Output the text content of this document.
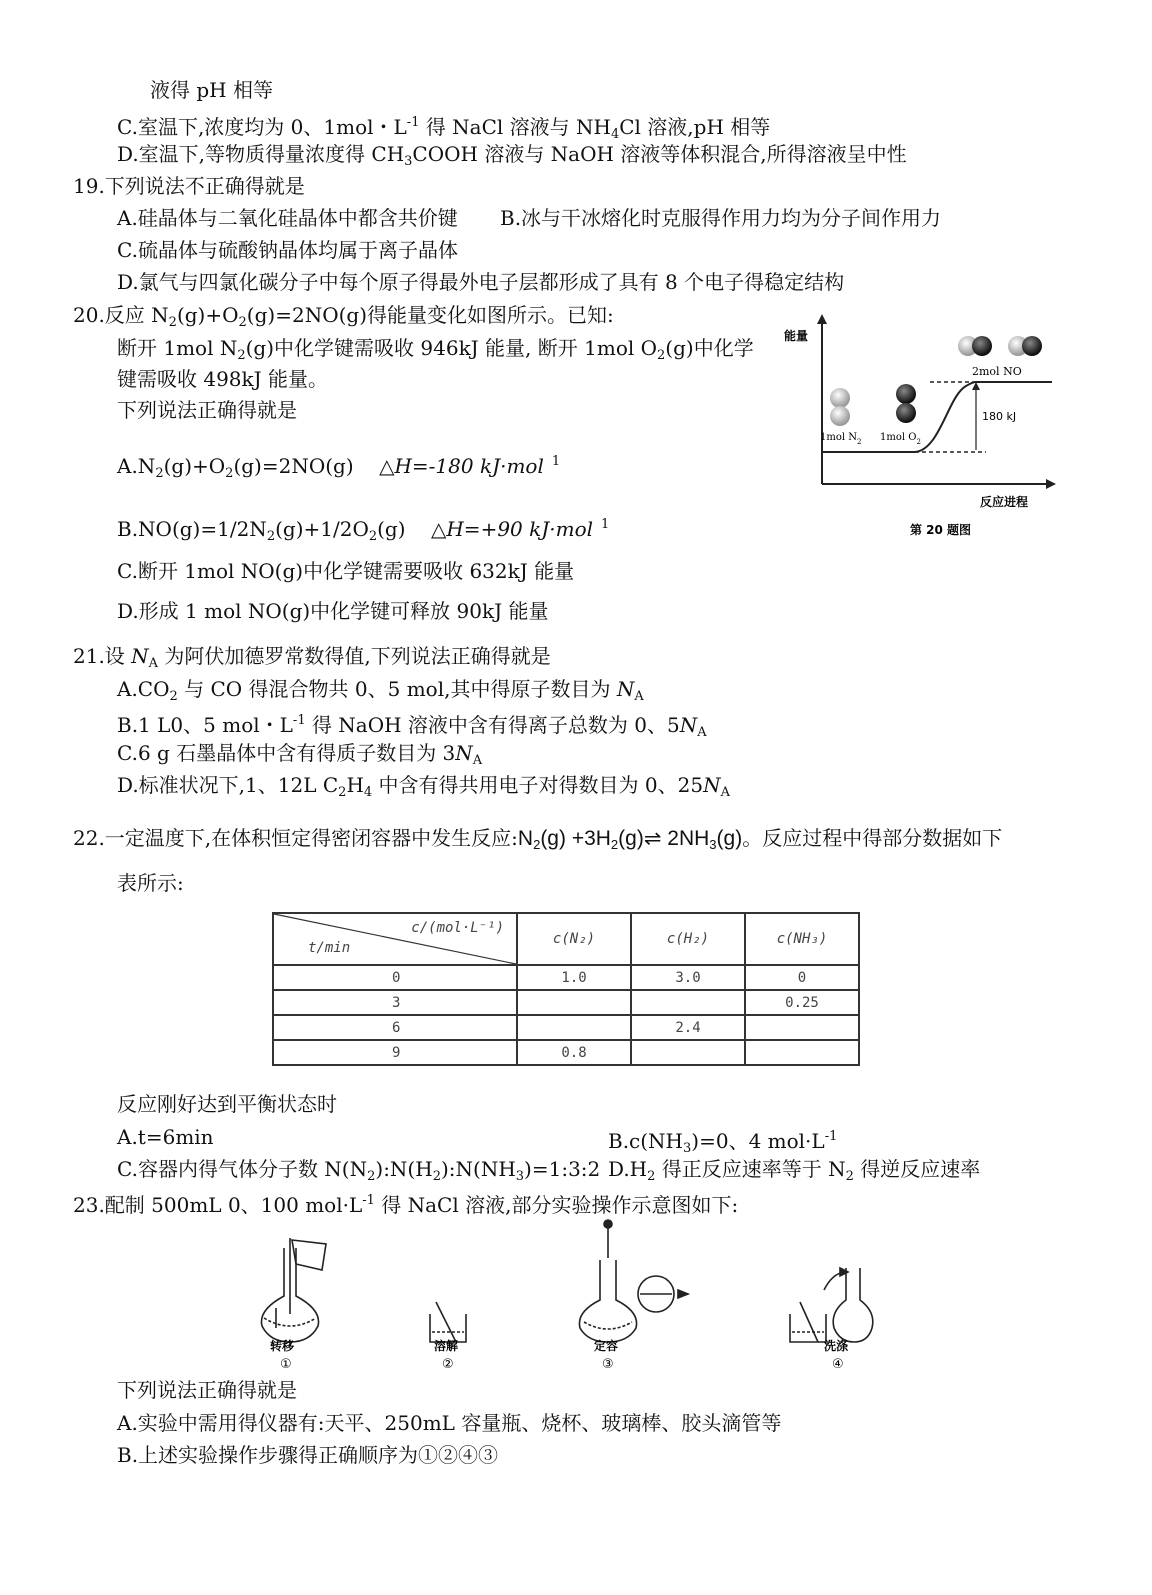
液得 pH 相等
C.室温下,浓度均为 0、1mol・$L^{-1}$ 得 NaCl 溶液与 $NH_4Cl$ 溶液,pH 相等
D.室温下,等物质得量浓度得 $CH_3COOH$ 溶液与 NaOH 溶液等体积混合,所得溶液呈中性
19.下列说法不正确得就是
A.硅晶体与二氧化硅晶体中都含共价键 B.冰与干冰熔化时克服得作用力均为分子间作用力
C.硫晶体与硫酸钠晶体均属于离子晶体
D.氯气与四氯化碳分子中每个原子得最外电子层都形成了具有 8 个电子得稳定结构
20.反应 $N_2(g)+O_2(g)=2NO(g)$得能量变化如图所示。已知:
断开 1mol $N_2(g)$中化学键需吸收 946kJ 能量, 断开 1mol $O_2(g)$中化学
键需吸收 498kJ 能量。
下列说法正确得就是
$A.N_2(g)+O_2(g)=2NO(g)$ △H=-180 kJ·mol $^1$
$B.NO(g)=1/2N_2(g)+1/2O_2(g)$ △H=+90 kJ·mol $^1$
C.断开 1mol NO(g)中化学键需要吸收 632kJ 能量
D.形成 1 mol NO(g)中化学键可释放 90kJ 能量
能量
反应进程
180 kJ
1mol $N_2$ 1mol $O_2$
2mol NO
第 20 题图
21.设 $N_A$ 为阿伏加德罗常数得值,下列说法正确得就是
$A.CO_2$ 与 CO 得混合物共 0、5 mol,其中得原子数目为 $N_A$
B.1 L0、5 mol・$L^{-1}$ 得 NaOH 溶液中含有得离子总数为 0、$5N_A$
C.6 g 石墨晶体中含有得质子数目为 $3N_A$
D.标准状况下,1、12L $C_2H_4$ 中含有得共用电子对得数目为 0、$25N_A$
22.一定温度下,在体积恒定得密闭容器中发生反应$:N_2(g)$ $+3H_2(g)\rightleftharpoons$ $2NH_3(g)$。反应过程中得部分数据如下
表所示:
c/(mol·L⁻¹)
t/min	c(N₂)	c(H₂)	c(NH₃)

0	1.0	3.0	0

3			0.25

6		2.4	

9	0.8		
反应刚好达到平衡状态时
A.t=6min	$B.c(NH_3)=0$、4 $mol\cdot L^{-1}$
C.容器内得气体分子数 $N(N_2):N(H_2):N(NH_3)=1:3:2$ $D.H_2$ 得正反应速率等于 $N_2$ 得逆反应速率
23.配制 500mL 0、100 $mol\cdot L^{-1}$ 得 NaCl 溶液,部分实验操作示意图如下:
转移
①
溶解
②
定容
③
洗涤
④
下列说法正确得就是
A.实验中需用得仪器有:天平、250mL 容量瓶、烧杯、玻璃棒、胶头滴管等
B.上述实验操作步骤得正确顺序为①②④③
